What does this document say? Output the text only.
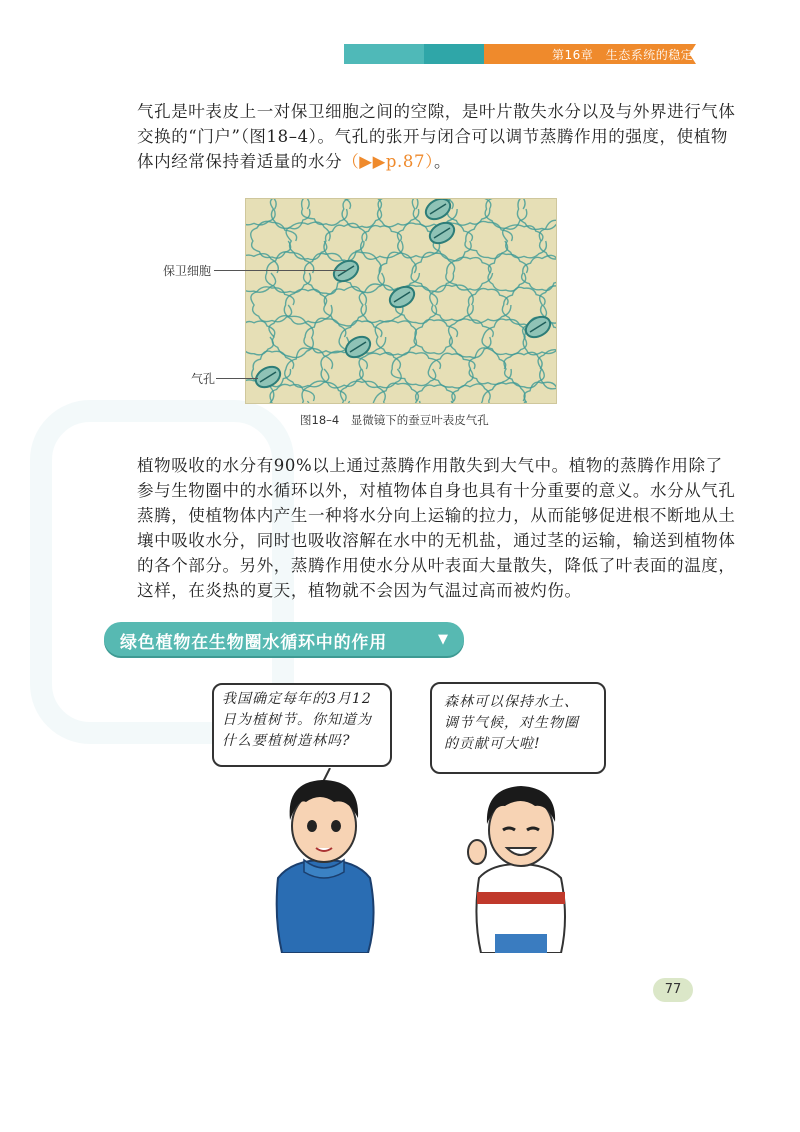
第16章　生态系统的稳定

气孔是叶表皮上一对保卫细胞之间的空隙，是叶片散失水分以及与外界进行气体交换的“门户”（图18–4）。气孔的张开与闭合可以调节蒸腾作用的强度，使植物体内经常保持着适量的水分（▶▶p.87）。

保卫细胞
气孔
图18–4　显微镜下的蚕豆叶表皮气孔

植物吸收的水分有90%以上通过蒸腾作用散失到大气中。植物的蒸腾作用除了参与生物圈中的水循环以外，对植物体自身也具有十分重要的意义。水分从气孔蒸腾，使植物体内产生一种将水分向上运输的拉力，从而能够促进根不断地从土壤中吸收水分，同时也吸收溶解在水中的无机盐，通过茎的运输，输送到植物体的各个部分。另外，蒸腾作用使水分从叶表面大量散失，降低了叶表面的温度，这样，在炎热的夏天，植物就不会因为气温过高而被灼伤。

绿色植物在生物圈水循环中的作用	▼
我国确定每年的3月12日为植树节。你知道为什么要植树造林吗?
森林可以保持水土、调节气候，对生物圈的贡献可大啦!
77
